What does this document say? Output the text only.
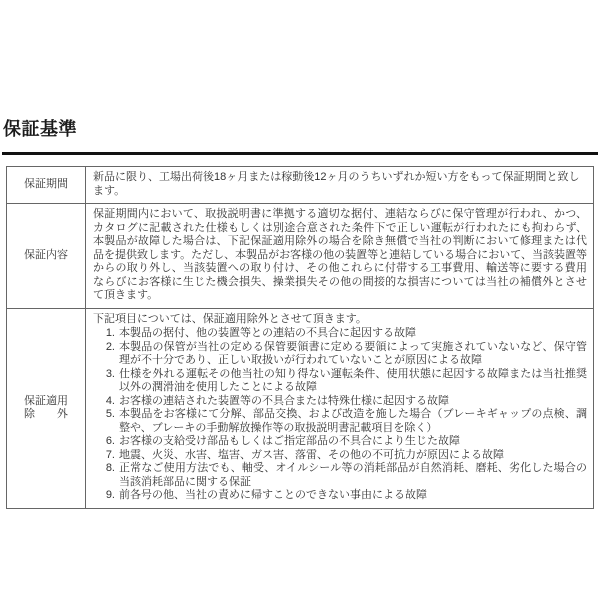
保証基準
保証期間
新品に限り、工場出荷後18ヶ月または稼動後12ヶ月のうちいずれか短い方をもって保証期間と致します。
保証内容
保証期間内において、取扱説明書に準拠する適切な据付、連結ならびに保守管理が行われ、かつ、カタログに記載された仕様もしくは別途合意された条件下で正しい運転が行われたにも拘わらず、本製品が故障した場合は、下記保証適用除外の場合を除き無償で当社の判断において修理または代品を提供致します。ただし、本製品がお客様の他の装置等と連結している場合において、当該装置等からの取り外し、当該装置への取り付け、その他これらに付帯する工事費用、輸送等に要する費用ならびにお客様に生じた機会損失、操業損失その他の間接的な損害については当社の補償外とさせて頂きます。
保証適用
除　外
下記項目については、保証適用除外とさせて頂きます。
1. 本製品の据付、他の装置等との連結の不具合に起因する故障
2. 本製品の保管が当社の定める保管要領書に定める要領によって実施されていないなど、保守管理が不十分であり、正しい取扱いが行われていないことが原因による故障
3. 仕様を外れる運転その他当社の知り得ない運転条件、使用状態に起因する故障または当社推奨以外の潤滑油を使用したことによる故障
4. お客様の連結された装置等の不具合または特殊仕様に起因する故障
5. 本製品をお客様にて分解、部品交換、および改造を施した場合（ブレーキギャップの点検、調整や、ブレーキの手動解放操作等の取扱説明書記載項目を除く）
6. お客様の支給受け部品もしくはご指定部品の不具合により生じた故障
7. 地震、火災、水害、塩害、ガス害、落雷、その他の不可抗力が原因による故障
8. 正常なご使用方法でも、軸受、オイルシール等の消耗部品が自然消耗、磨耗、劣化した場合の当該消耗部品に関する保証
9. 前各号の他、当社の責めに帰すことのできない事由による故障
